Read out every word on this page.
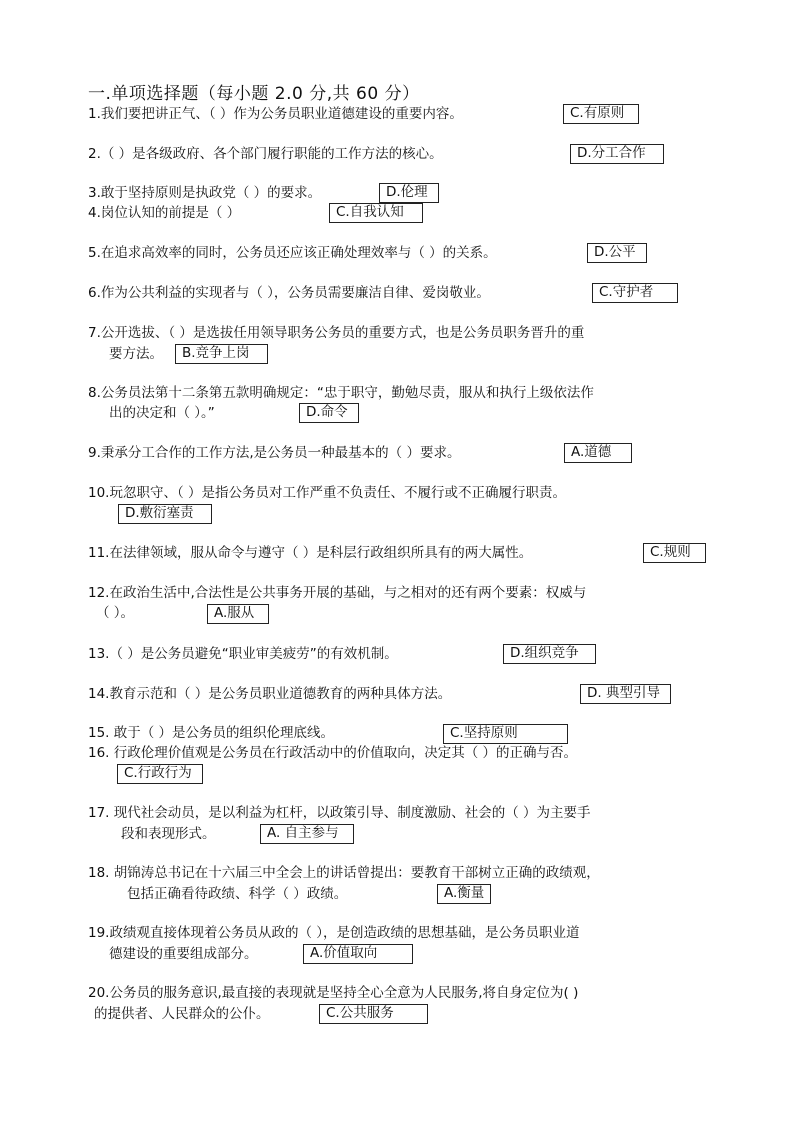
一.单项选择题（每小题 2.0 分,共 60 分）
1.我们要把讲正气、（ ）作为公务员职业道德建设的重要内容。	C.有原则
2.（ ）是各级政府、各个部门履行职能的工作方法的核心。	D.分工合作
3.敢于坚持原则是执政党（ ）的要求。	D.伦理
4.岗位认知的前提是（ ）	C.自我认知
5.在追求高效率的同时，公务员还应该正确处理效率与（ ）的关系。	D.公平
6.作为公共利益的实现者与（ ），公务员需要廉洁自律、爱岗敬业。	C.守护者
7.公开选拔、（ ）是选拔任用领导职务公务员的重要方式，也是公务员职务晋升的重
要方法。	B.竞争上岗
8.公务员法第十二条第五款明确规定：“忠于职守，勤勉尽责，服从和执行上级依法作
出的决定和（ ）。”	D.命令
9.秉承分工合作的工作方法,是公务员一种最基本的（ ）要求。	A.道德
10.玩忽职守、（ ）是指公务员对工作严重不负责任、不履行或不正确履行职责。
D.敷衍塞责
11.在法律领域，服从命令与遵守（ ）是科层行政组织所具有的两大属性。	C.规则
12.在政治生活中,合法性是公共事务开展的基础，与之相对的还有两个要素：权威与
（ ）。	A.服从
13.（ ）是公务员避免“职业审美疲劳”的有效机制。	D.组织竞争
14.教育示范和（ ）是公务员职业道德教育的两种具体方法。	D. 典型引导
15. 敢于（ ）是公务员的组织伦理底线。	C.坚持原则
16. 行政伦理价值观是公务员在行政活动中的价值取向，决定其（ ）的正确与否。
C.行政行为
17. 现代社会动员，是以利益为杠杆，以政策引导、制度激励、社会的（ ）为主要手
段和表现形式。	A. 自主参与
18. 胡锦涛总书记在十六届三中全会上的讲话曾提出：要教育干部树立正确的政绩观，
包括正确看待政绩、科学（ ）政绩。	A.衡量
19.政绩观直接体现着公务员从政的（ ），是创造政绩的思想基础，是公务员职业道
德建设的重要组成部分。	A.价值取向
20.公务员的服务意识,最直接的表现就是坚持全心全意为人民服务,将自身定位为( )
的提供者、人民群众的公仆。	C.公共服务
